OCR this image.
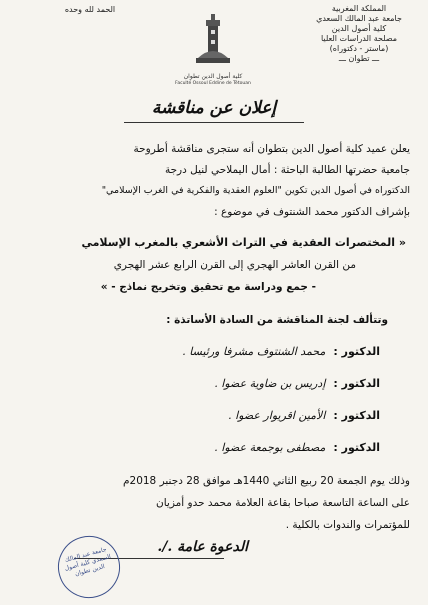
الحمد لله وحده
كلية أصول الدين تطوان
Faculté Ossoul Eddine de Tétouan
المملكة المغربية
جامعة عبد المالك السعدي
كلية أصول الدين
مصلحة الدراسات العليا
(ماستر - دكتوراه)
ـــ تطوان ـــ
إعلان عن مناقشة
يعلن عميد كلية أصول الدين بتطوان أنه ستجرى مناقشة أطروحة
جامعية حضرتها الطالبة الباحثة : أمال اليملاحي لنيل درجة
الدكتوراه في أصول الدين تكوين "العلوم العقدية والفكرية في الغرب الإسلامي"
بإشراف الدكتور محمد الشنتوف في موضوع :
« المختصرات العقدية في التراث الأشعري بالمغرب الإسلامي
من القرن العاشر الهجري إلى القرن الرابع عشر الهجري
- جمع ودراسة مع تحقيق وتخريج نماذج - »
وتتألف لجنة المناقشة من السادة الأساتذة :
الدكتور :محمد الشنتوف مشرفا ورئيسا .
الدكتور :إدريس بن ضاوية عضوا .
الدكتور :الأمين اقريوار عضوا .
الدكتور :مصطفى بوجمعة عضوا .
وذلك يوم الجمعة 20 ربيع الثاني 1440هـ موافق 28 دجنبر 2018م
على الساعة التاسعة صباحا بقاعة العلامة محمد حدو أمزيان
للمؤتمرات والندوات بالكلية .
الدعوة عامة ./.
جامعة عبد المالك السعدي كلية أصول الدين تطوان
